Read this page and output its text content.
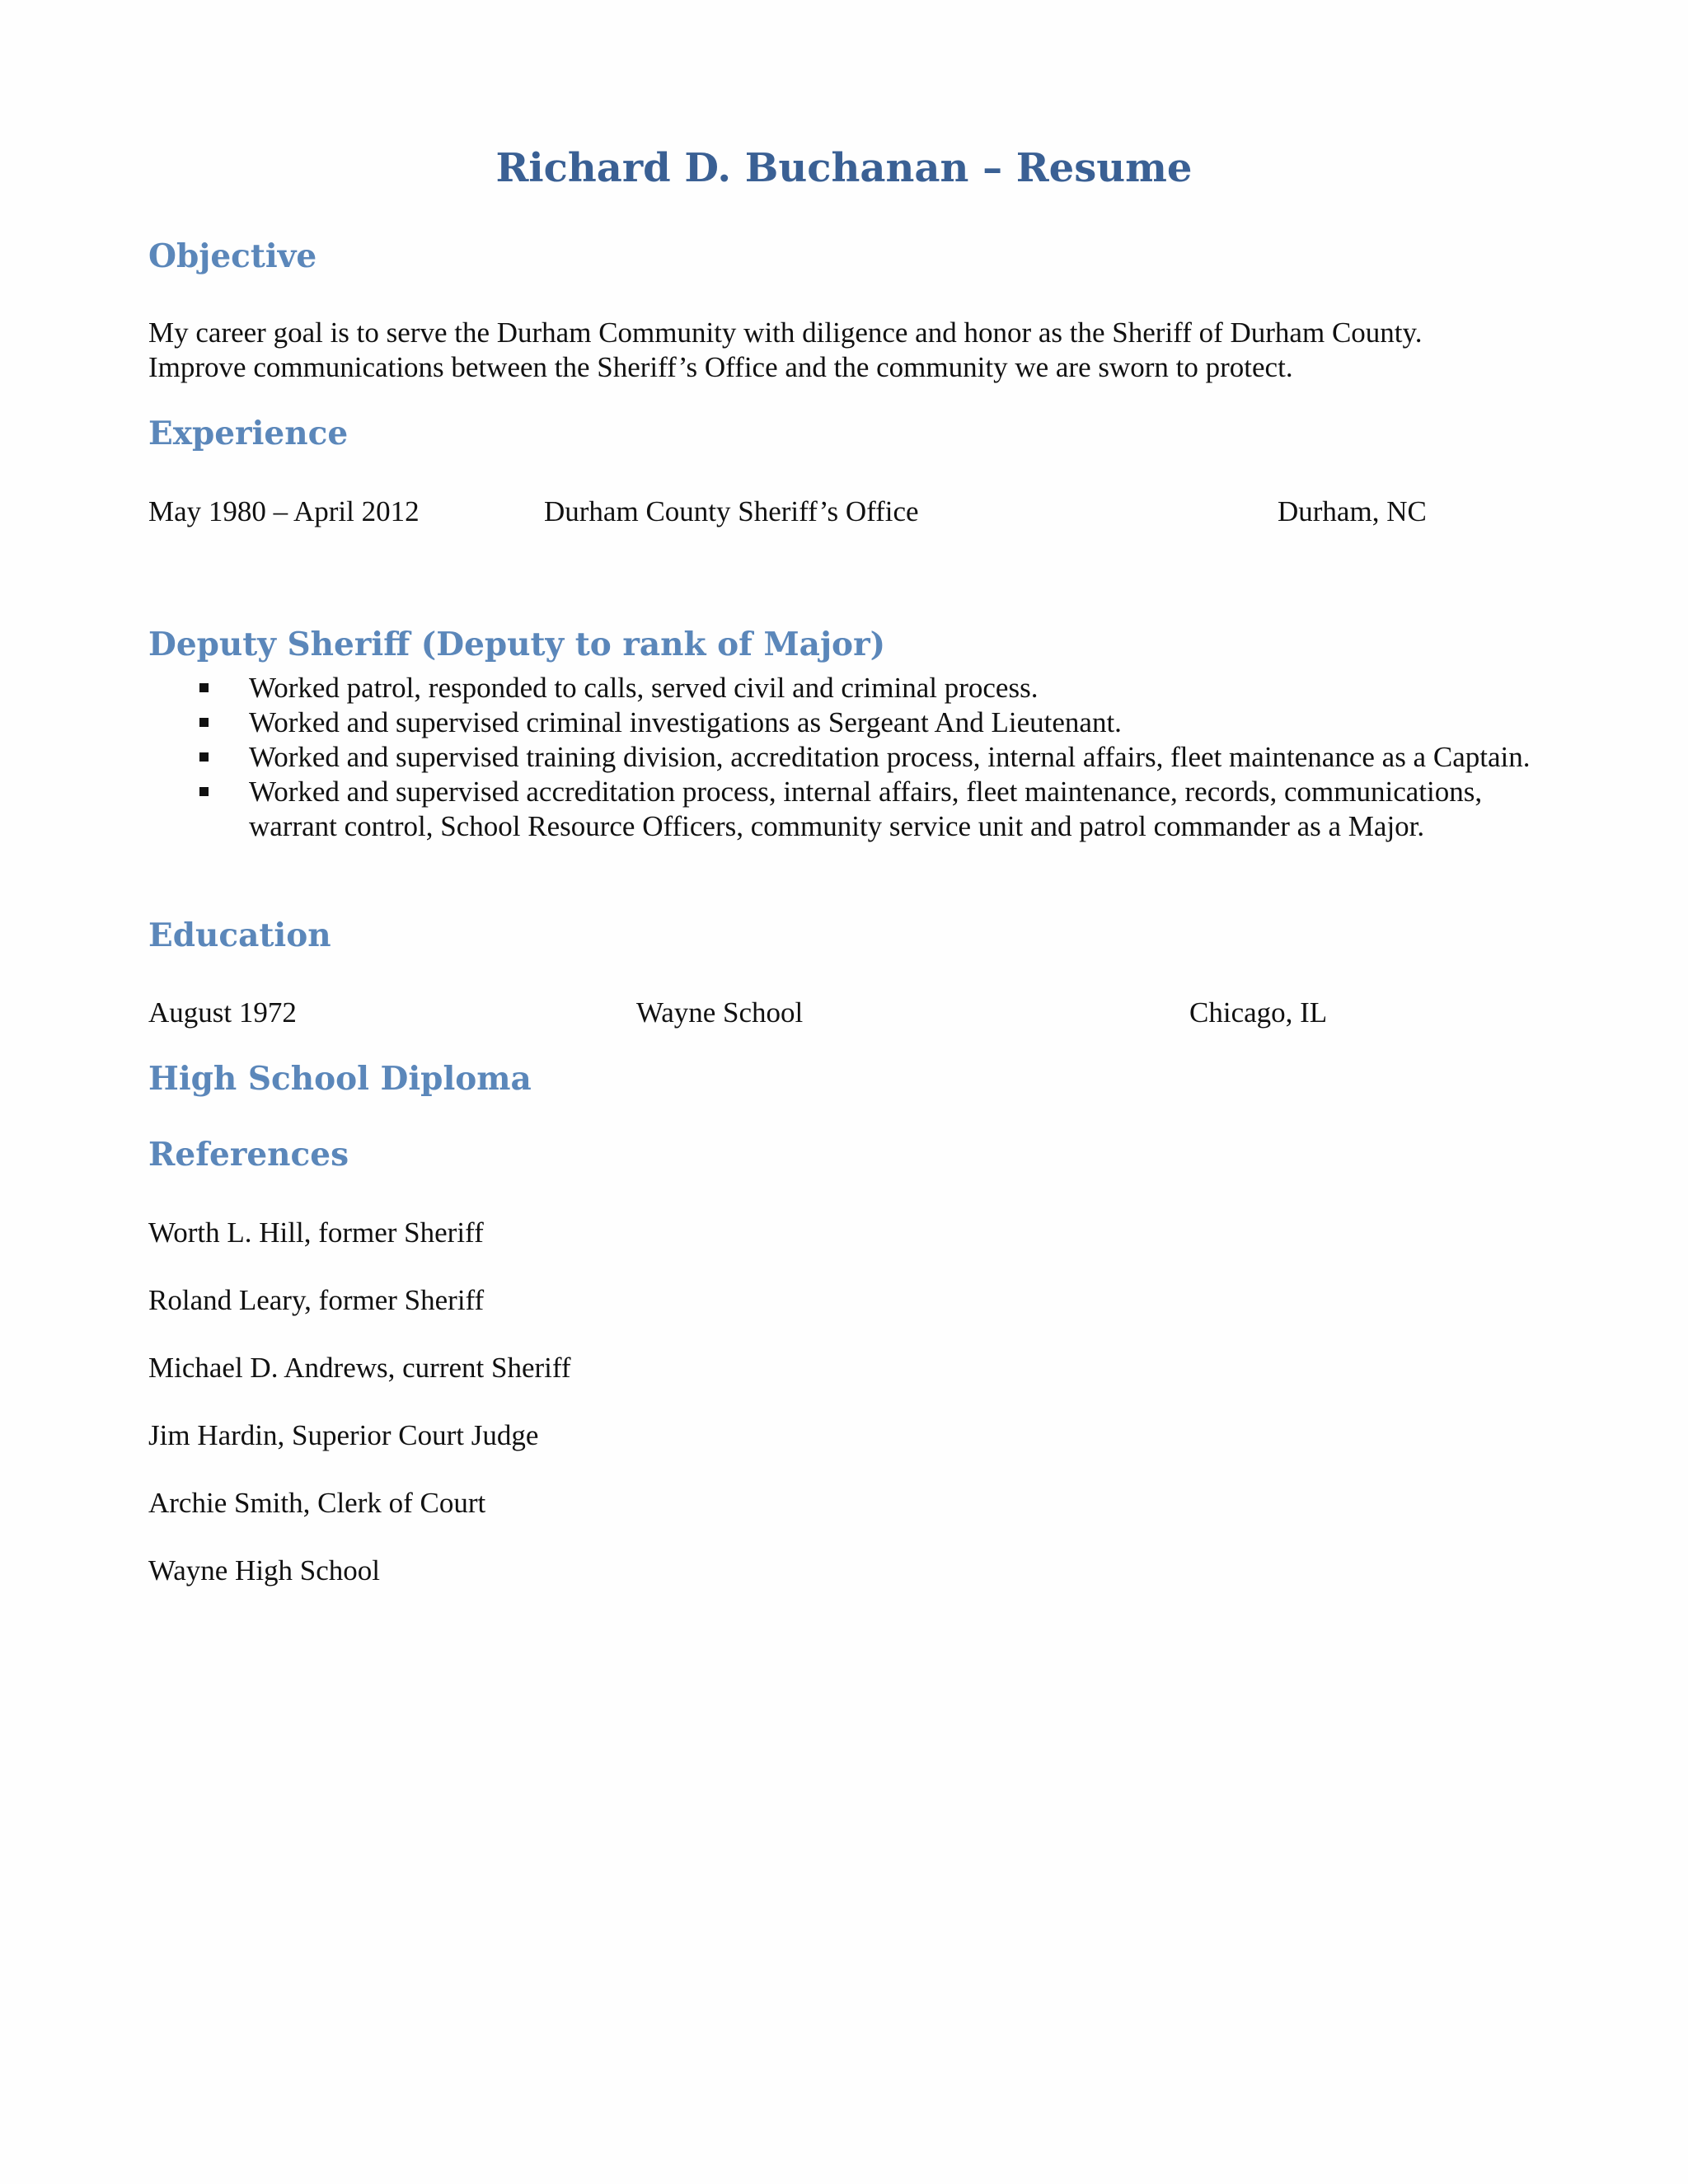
Richard D. Buchanan – Resume
Objective

My career goal is to serve the Durham Community with diligence and honor as the Sheriff of Durham County.

Improve communications between the Sheriff’s Office and the community we are sworn to protect.

Experience

May 1980 – April 2012	Durham County Sheriff’s Office	Durham, NC

Deputy Sheriff (Deputy to rank of Major)
Worked patrol, responded to calls, served civil and criminal process.
Worked and supervised criminal investigations as Sergeant And Lieutenant.
Worked and supervised training division, accreditation process, internal affairs, fleet maintenance as a Captain.
Worked and supervised accreditation process, internal affairs, fleet maintenance, records, communications, warrant control, School Resource Officers, community service unit and patrol commander as a Major.
Education

August 1972	Wayne School	Chicago, IL

High School Diploma
References

Worth L. Hill, former Sheriff

Roland Leary, former Sheriff

Michael D. Andrews, current Sheriff

Jim Hardin, Superior Court Judge

Archie Smith, Clerk of Court

Wayne High School
